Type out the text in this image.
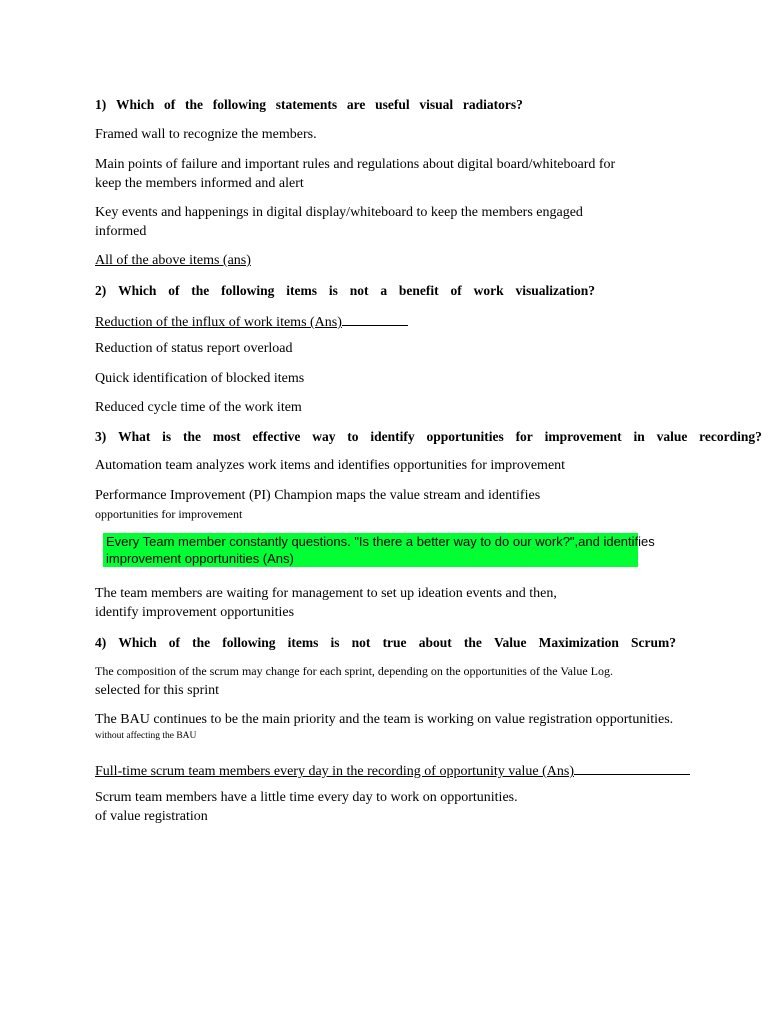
1) Which of the following statements are useful visual radiators?
Framed wall to recognize the members.
Main points of failure and important rules and regulations about digital board/whiteboard for
keep the members informed and alert
Key events and happenings in digital display/whiteboard to keep the members engaged
informed
All of the above items (ans)
2) Which of the following items is not a benefit of work visualization?
Reduction of the influx of work items (Ans)
Reduction of status report overload
Quick identification of blocked items
Reduced cycle time of the work item
3) What is the most effective way to identify opportunities for improvement in value recording?
Automation team analyzes work items and identifies opportunities for improvement
Performance Improvement (PI) Champion maps the value stream and identifies
opportunities for improvement
Every Team member constantly questions. "Is there a better way to do our work?",and identifies
improvement opportunities (Ans)
The team members are waiting for management to set up ideation events and then,
identify improvement opportunities
4) Which of the following items is not true about the Value Maximization Scrum?
The composition of the scrum may change for each sprint, depending on the opportunities of the Value Log.
selected for this sprint
The BAU continues to be the main priority and the team is working on value registration opportunities.
without affecting the BAU
Full-time scrum team members every day in the recording of opportunity value (Ans)
Scrum team members have a little time every day to work on opportunities.
of value registration
